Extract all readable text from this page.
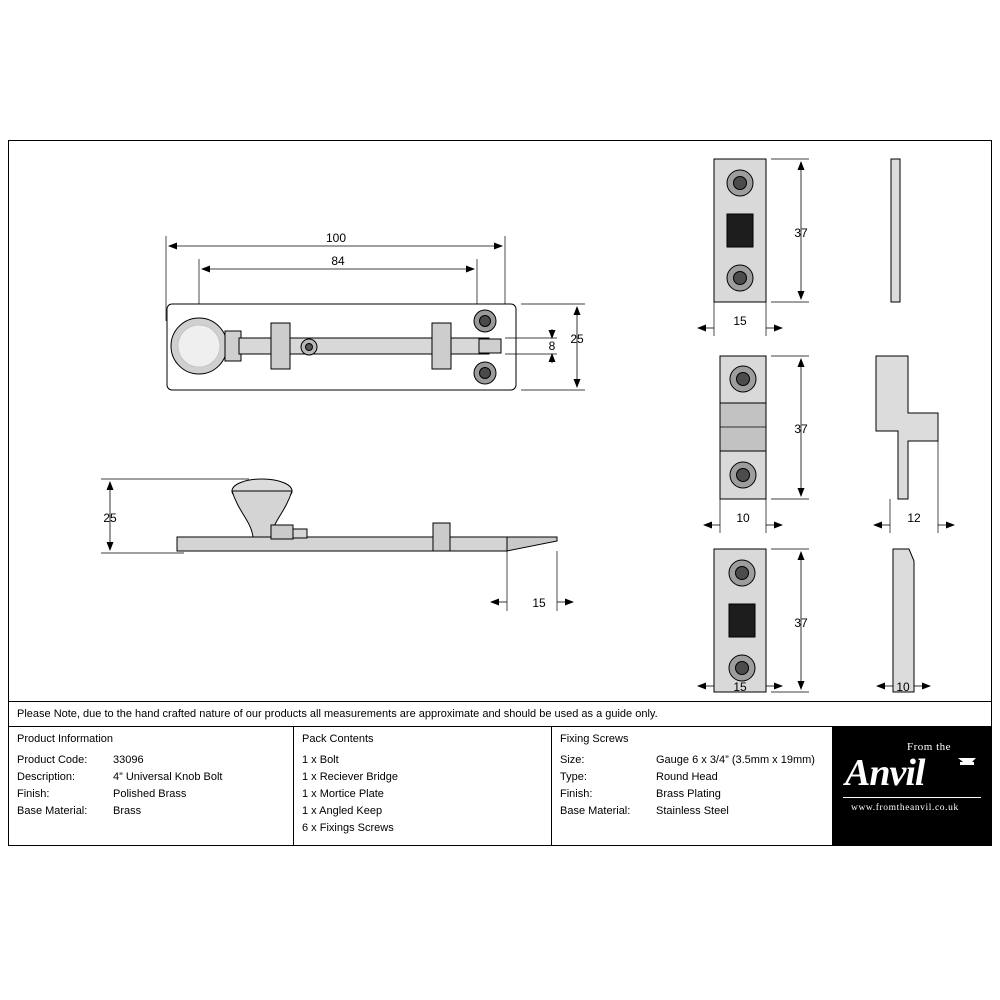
100
84
25
8
25
15
37
15
37
10	12
37
15	10
Please Note, due to the hand crafted nature of our products all measurements are approximate and should be used as a guide only.
Product Information
Product Code:	33096
Description:	4” Universal Knob Bolt
Finish:	Polished Brass
Base Material:	Brass
Pack Contents
1 x Bolt
1 x Reciever Bridge
1 x Mortice Plate
1 x Angled Keep
6 x Fixings Screws
Fixing Screws
Size:	Gauge 6 x 3/4” (3.5mm x 19mm)
Type:	Round Head
Finish:	Brass Plating
Base Material:	Stainless Steel
From the
Anvil
www.fromtheanvil.co.uk
